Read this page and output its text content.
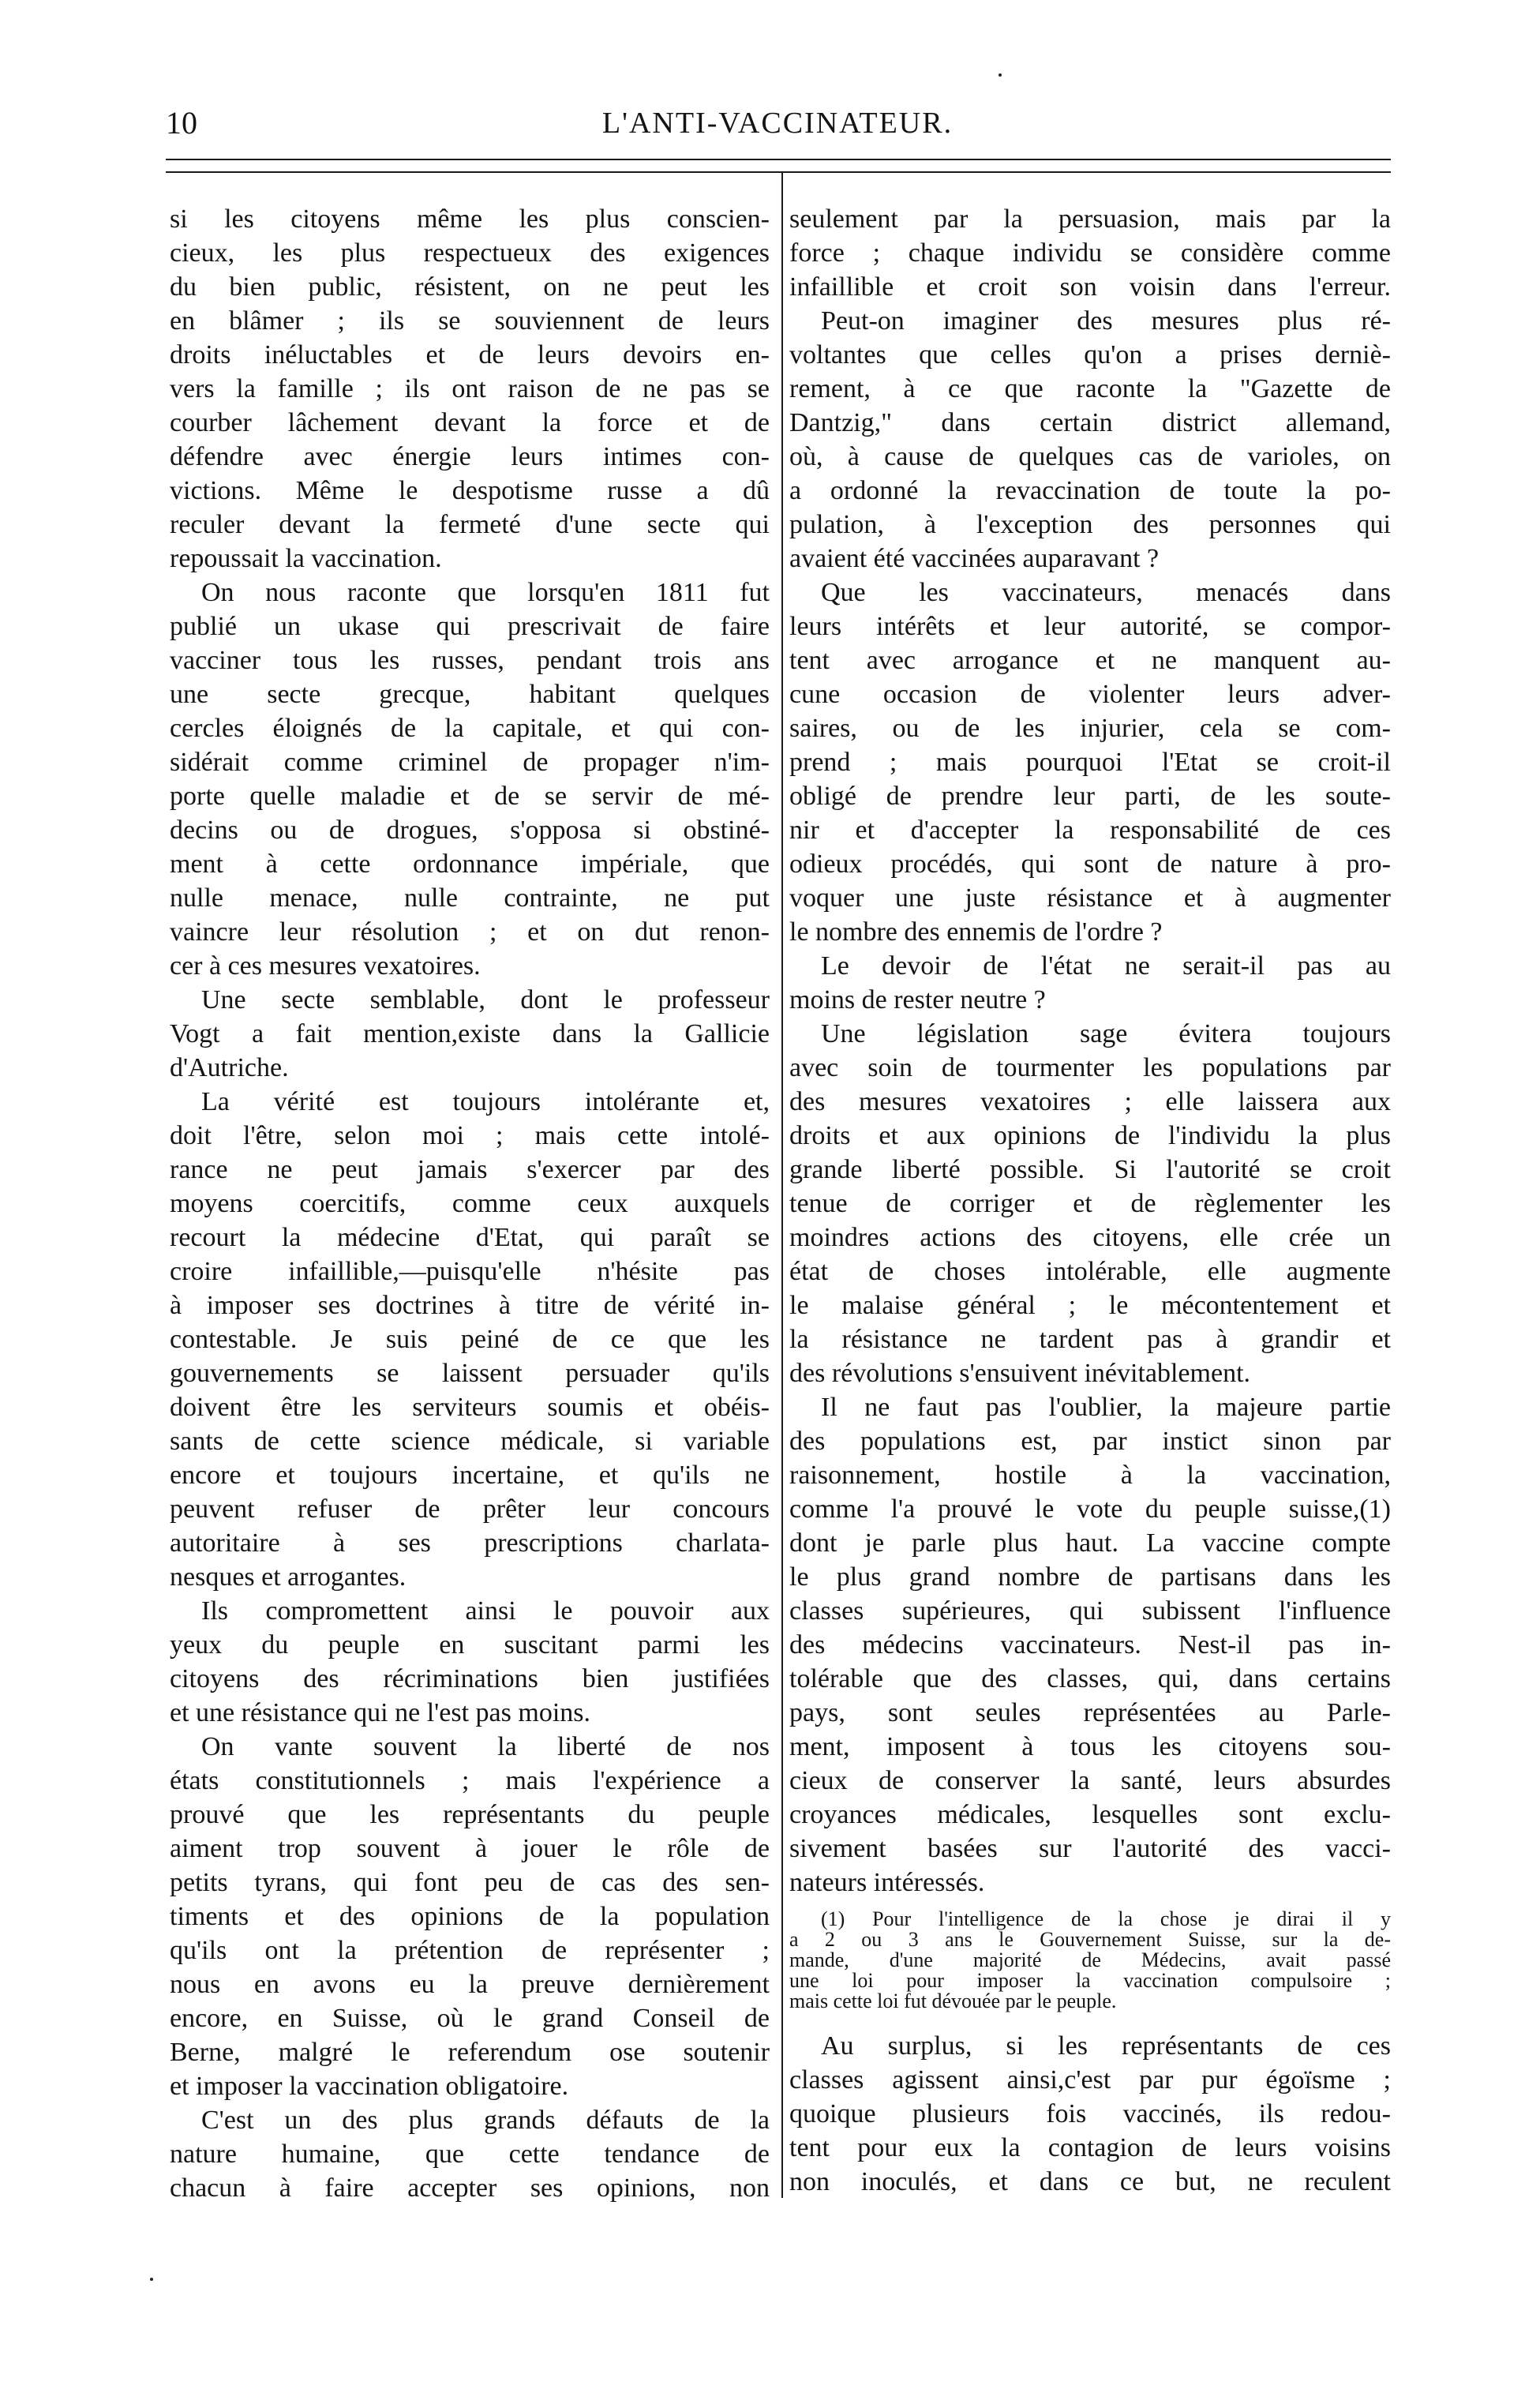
10	L'ANTI-VACCINATEUR.
si les citoyens même les plus conscien-
cieux, les plus respectueux des exigences
du bien public, résistent, on ne peut les
en blâmer ; ils se souviennent de leurs
droits inéluctables et de leurs devoirs en-
vers la famille ; ils ont raison de ne pas se
courber lâchement devant la force et de
défendre avec énergie leurs intimes con-
victions. Même le despotisme russe a dû
reculer devant la fermeté d'une secte qui
repoussait la vaccination.
On nous raconte que lorsqu'en 1811 fut
publié un ukase qui prescrivait de faire
vacciner tous les russes, pendant trois ans
une secte grecque, habitant quelques
cercles éloignés de la capitale, et qui con-
sidérait comme criminel de propager n'im-
porte quelle maladie et de se servir de mé-
decins ou de drogues, s'opposa si obstiné-
ment à cette ordonnance impériale, que
nulle menace, nulle contrainte, ne put
vaincre leur résolution ; et on dut renon-
cer à ces mesures vexatoires.
Une secte semblable, dont le professeur
Vogt a fait mention,existe dans la Gallicie
d'Autriche.
La vérité est toujours intolérante et,
doit l'être, selon moi ; mais cette intolé-
rance ne peut jamais s'exercer par des
moyens coercitifs, comme ceux auxquels
recourt la médecine d'Etat, qui paraît se
croire infaillible,—puisqu'elle n'hésite pas
à imposer ses doctrines à titre de vérité in-
contestable. Je suis peiné de ce que les
gouvernements se laissent persuader qu'ils
doivent être les serviteurs soumis et obéis-
sants de cette science médicale, si variable
encore et toujours incertaine, et qu'ils ne
peuvent refuser de prêter leur concours
autoritaire à ses prescriptions charlata-
nesques et arrogantes.
Ils compromettent ainsi le pouvoir aux
yeux du peuple en suscitant parmi les
citoyens des récriminations bien justifiées
et une résistance qui ne l'est pas moins.
On vante souvent la liberté de nos
états constitutionnels ; mais l'expérience a
prouvé que les représentants du peuple
aiment trop souvent à jouer le rôle de
petits tyrans, qui font peu de cas des sen-
timents et des opinions de la population
qu'ils ont la prétention de représenter ;
nous en avons eu la preuve dernièrement
encore, en Suisse, où le grand Conseil de
Berne, malgré le referendum ose soutenir
et imposer la vaccination obligatoire.
C'est un des plus grands défauts de la
nature humaine, que cette tendance de
chacun à faire accepter ses opinions, non
seulement par la persuasion, mais par la
force ; chaque individu se considère comme
infaillible et croit son voisin dans l'erreur.
Peut-on imaginer des mesures plus ré-
voltantes que celles qu'on a prises derniè-
rement, à ce que raconte la "Gazette de
Dantzig," dans certain district allemand,
où, à cause de quelques cas de varioles, on
a ordonné la revaccination de toute la po-
pulation, à l'exception des personnes qui
avaient été vaccinées auparavant ?
Que les vaccinateurs, menacés dans
leurs intérêts et leur autorité, se compor-
tent avec arrogance et ne manquent au-
cune occasion de violenter leurs adver-
saires, ou de les injurier, cela se com-
prend ; mais pourquoi l'Etat se croit-il
obligé de prendre leur parti, de les soute-
nir et d'accepter la responsabilité de ces
odieux procédés, qui sont de nature à pro-
voquer une juste résistance et à augmenter
le nombre des ennemis de l'ordre ?
Le devoir de l'état ne serait-il pas au
moins de rester neutre ?
Une législation sage évitera toujours
avec soin de tourmenter les populations par
des mesures vexatoires ; elle laissera aux
droits et aux opinions de l'individu la plus
grande liberté possible. Si l'autorité se croit
tenue de corriger et de règlementer les
moindres actions des citoyens, elle crée un
état de choses intolérable, elle augmente
le malaise général ; le mécontentement et
la résistance ne tardent pas à grandir et
des révolutions s'ensuivent inévitablement.
Il ne faut pas l'oublier, la majeure partie
des populations est, par instict sinon par
raisonnement, hostile à la vaccination,
comme l'a prouvé le vote du peuple suisse,(1)
dont je parle plus haut. La vaccine compte
le plus grand nombre de partisans dans les
classes supérieures, qui subissent l'influence
des médecins vaccinateurs. Nest-il pas in-
tolérable que des classes, qui, dans certains
pays, sont seules représentées au Parle-
ment, imposent à tous les citoyens sou-
cieux de conserver la santé, leurs absurdes
croyances médicales, lesquelles sont exclu-
sivement basées sur l'autorité des vacci-
nateurs intéressés.
(1) Pour l'intelligence de la chose je dirai il y
a 2 ou 3 ans le Gouvernement Suisse, sur la de-
mande, d'une majorité de Médecins, avait passé
une loi pour imposer la vaccination compulsoire ;
mais cette loi fut dévouée par le peuple.
Au surplus, si les représentants de ces
classes agissent ainsi,c'est par pur égoïsme ;
quoique plusieurs fois vaccinés, ils redou-
tent pour eux la contagion de leurs voisins
non inoculés, et dans ce but, ne reculent
